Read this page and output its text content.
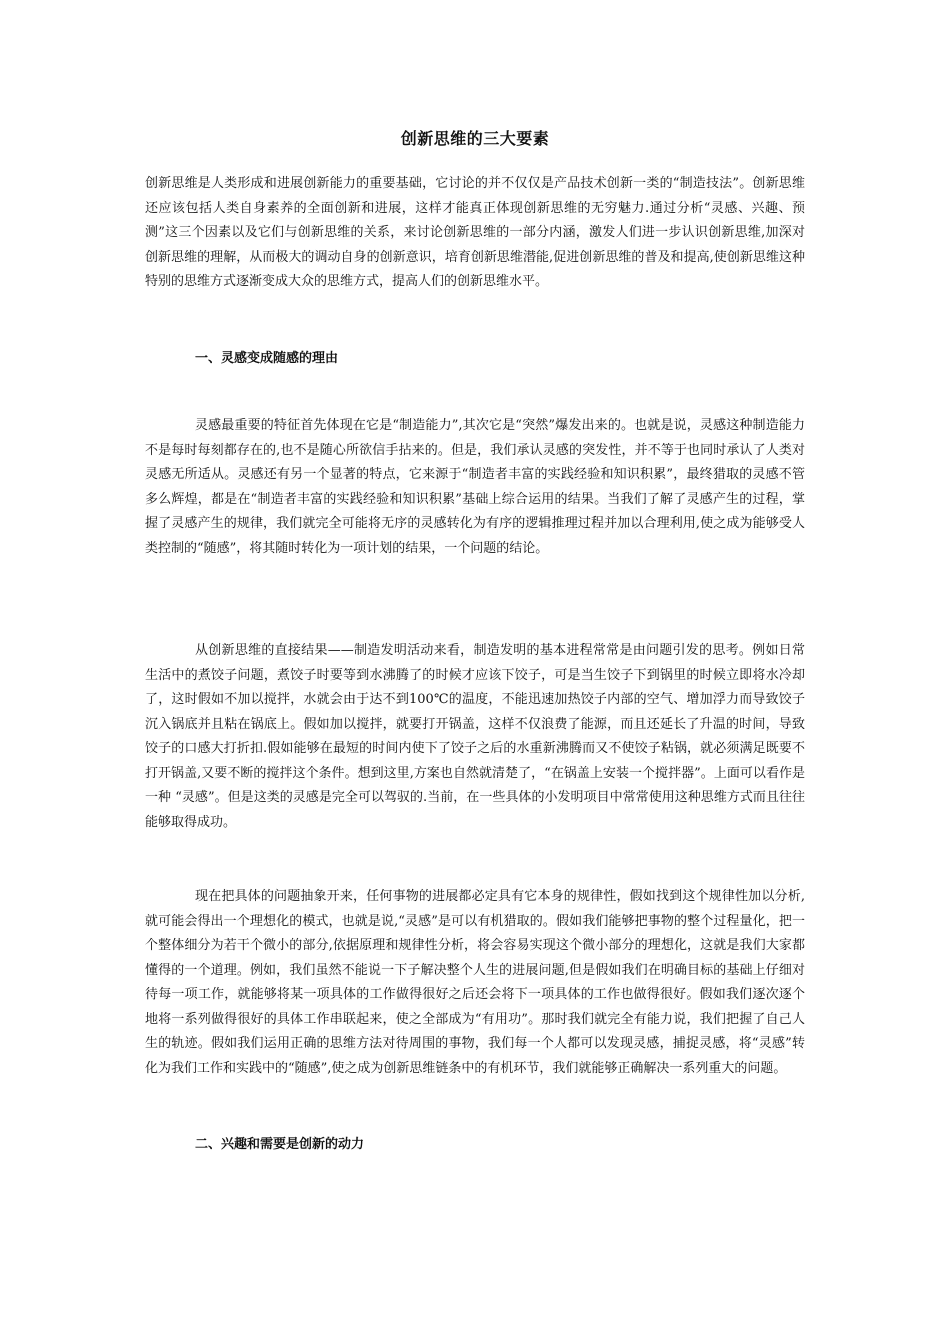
创新思维的三大要素

创新思维是人类形成和进展创新能力的重要基础，它讨论的并不仅仅是产品技术创新一类的“制造技法”。创新思维还应该包括人类自身素养的全面创新和进展，这样才能真正体现创新思维的无穷魅力.通过分析“灵感、兴趣、预测”这三个因素以及它们与创新思维的关系，来讨论创新思维的一部分内涵，激发人们进一步认识创新思维,加深对创新思维的理解，从而极大的调动自身的创新意识，培育创新思维潜能,促进创新思维的普及和提高,使创新思维这种特别的思维方式逐渐变成大众的思维方式，提高人们的创新思维水平。

一、灵感变成随感的理由

灵感最重要的特征首先体现在它是“制造能力”,其次它是“突然”爆发出来的。也就是说，灵感这种制造能力不是每时每刻都存在的,也不是随心所欲信手拈来的。但是，我们承认灵感的突发性，并不等于也同时承认了人类对灵感无所适从。灵感还有另一个显著的特点，它来源于“制造者丰富的实践经验和知识积累”，最终猎取的灵感不管多么辉煌，都是在“制造者丰富的实践经验和知识积累”基础上综合运用的结果。当我们了解了灵感产生的过程，掌握了灵感产生的规律，我们就完全可能将无序的灵感转化为有序的逻辑推理过程并加以合理利用,使之成为能够受人类控制的“随感”，将其随时转化为一项计划的结果，一个问题的结论。

从创新思维的直接结果——制造发明活动来看，制造发明的基本进程常常是由问题引发的思考。例如日常生活中的煮饺子问题，煮饺子时要等到水沸腾了的时候才应该下饺子，可是当生饺子下到锅里的时候立即将水冷却了，这时假如不加以搅拌，水就会由于达不到100℃的温度，不能迅速加热饺子内部的空气、增加浮力而导致饺子沉入锅底并且粘在锅底上。假如加以搅拌，就要打开锅盖，这样不仅浪费了能源，而且还延长了升温的时间，导致饺子的口感大打折扣.假如能够在最短的时间内使下了饺子之后的水重新沸腾而又不使饺子粘锅，就必须满足既要不打开锅盖,又要不断的搅拌这个条件。想到这里,方案也自然就清楚了，“在锅盖上安装一个搅拌器”。上面可以看作是一种 “灵感”。但是这类的灵感是完全可以驾驭的.当前，在一些具体的小发明项目中常常使用这种思维方式而且往往能够取得成功。

现在把具体的问题抽象开来，任何事物的进展都必定具有它本身的规律性，假如找到这个规律性加以分析,就可能会得出一个理想化的模式，也就是说,“灵感”是可以有机猎取的。假如我们能够把事物的整个过程量化，把一个整体细分为若干个微小的部分,依据原理和规律性分析，将会容易实现这个微小部分的理想化，这就是我们大家都懂得的一个道理。例如，我们虽然不能说一下子解决整个人生的进展问题,但是假如我们在明确目标的基础上仔细对待每一项工作，就能够将某一项具体的工作做得很好之后还会将下一项具体的工作也做得很好。假如我们逐次逐个地将一系列做得很好的具体工作串联起来，使之全部成为“有用功”。那时我们就完全有能力说，我们把握了自己人生的轨迹。假如我们运用正确的思维方法对待周围的事物，我们每一个人都可以发现灵感，捕捉灵感，将“灵感”转化为我们工作和实践中的“随感”,使之成为创新思维链条中的有机环节，我们就能够正确解决一系列重大的问题。

二、兴趣和需要是创新的动力
